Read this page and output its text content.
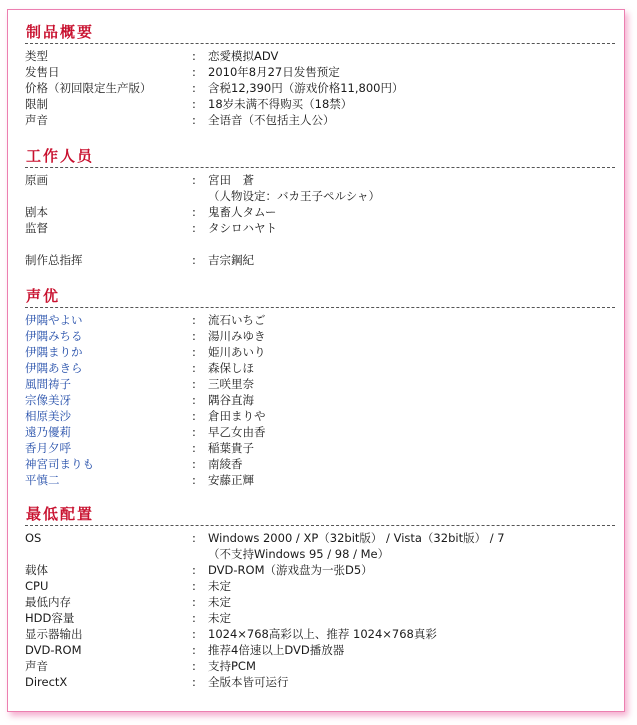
制品概要
类型	:	恋愛模拟ADV
发售日	:	2010年8月27日发售预定
价格（初回限定生产版）	:	含税12,390円（游戏价格11,800円）
限制	:	18岁未满不得购买（18禁）
声音	:	全语音（不包括主人公）
工作人员
原画	:	宮田　蒼
（人物设定：バカ王子ペルシャ）
剧本	:	鬼畜人タムー
监督	:	タシロハヤト
制作总指挥	:	吉宗鋼紀
声优
伊隅やよい	:	流石いちご
伊隅みちる	:	湯川みゆき
伊隅まりか	:	姫川あいり
伊隅あきら	:	森保しほ
風間祷子	:	三咲里奈
宗像美冴	:	隅谷直海
相原美沙	:	倉田まりや
遠乃優莉	:	早乙女由香
香月夕呼	:	稲葉貴子
神宮司まりも	:	南綾香
平慎二	:	安藤正輝
最低配置
OS	:	Windows 2000 / XP（32bit版） / Vista（32bit版） / 7
（不支持Windows 95 / 98 / Me）
载体	:	DVD-ROM（游戏盘为一张D5）
CPU	:	未定
最低内存	:	未定
HDD容量	:	未定
显示器输出	:	1024×768高彩以上、推荐 1024×768真彩
DVD-ROM	:	推荐4倍速以上DVD播放器
声音	:	支持PCM
DirectX	:	全版本皆可运行
